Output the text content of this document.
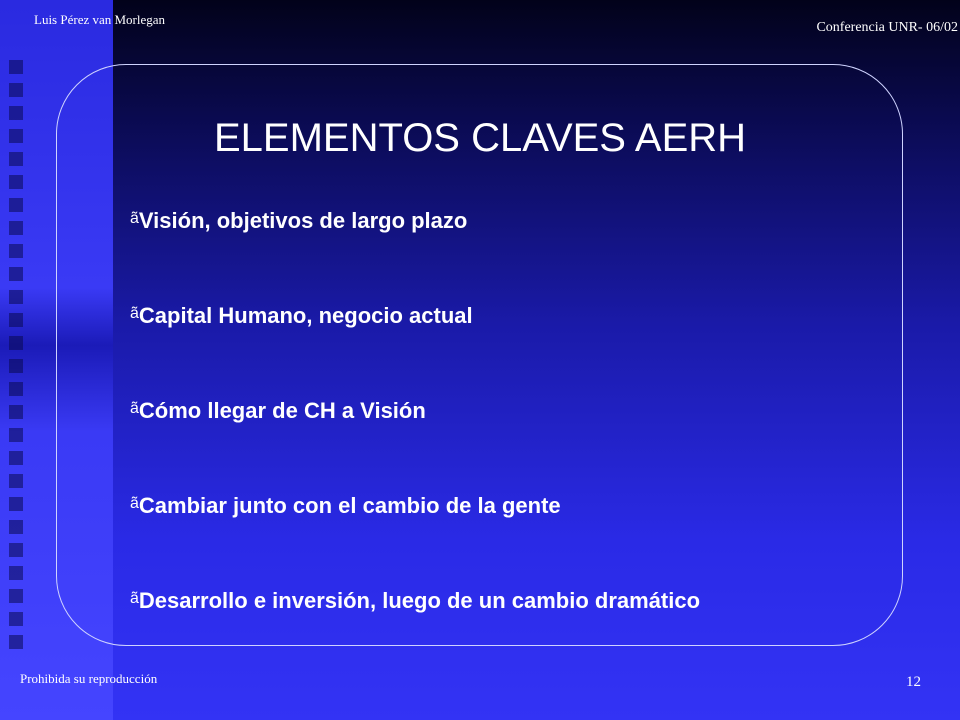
Luis Pérez van Morlegan
Conferencia UNR- 06/02
ELEMENTOS CLAVES AERH
$^ã$Visión, objetivos de largo plazo
$^ã$Capital Humano, negocio actual
$^ã$Cómo llegar de CH a Visión
$^ã$Cambiar junto con el cambio de la gente
$^ã$Desarrollo e inversión, luego de un cambio dramático
Prohibida su reproducción	12
